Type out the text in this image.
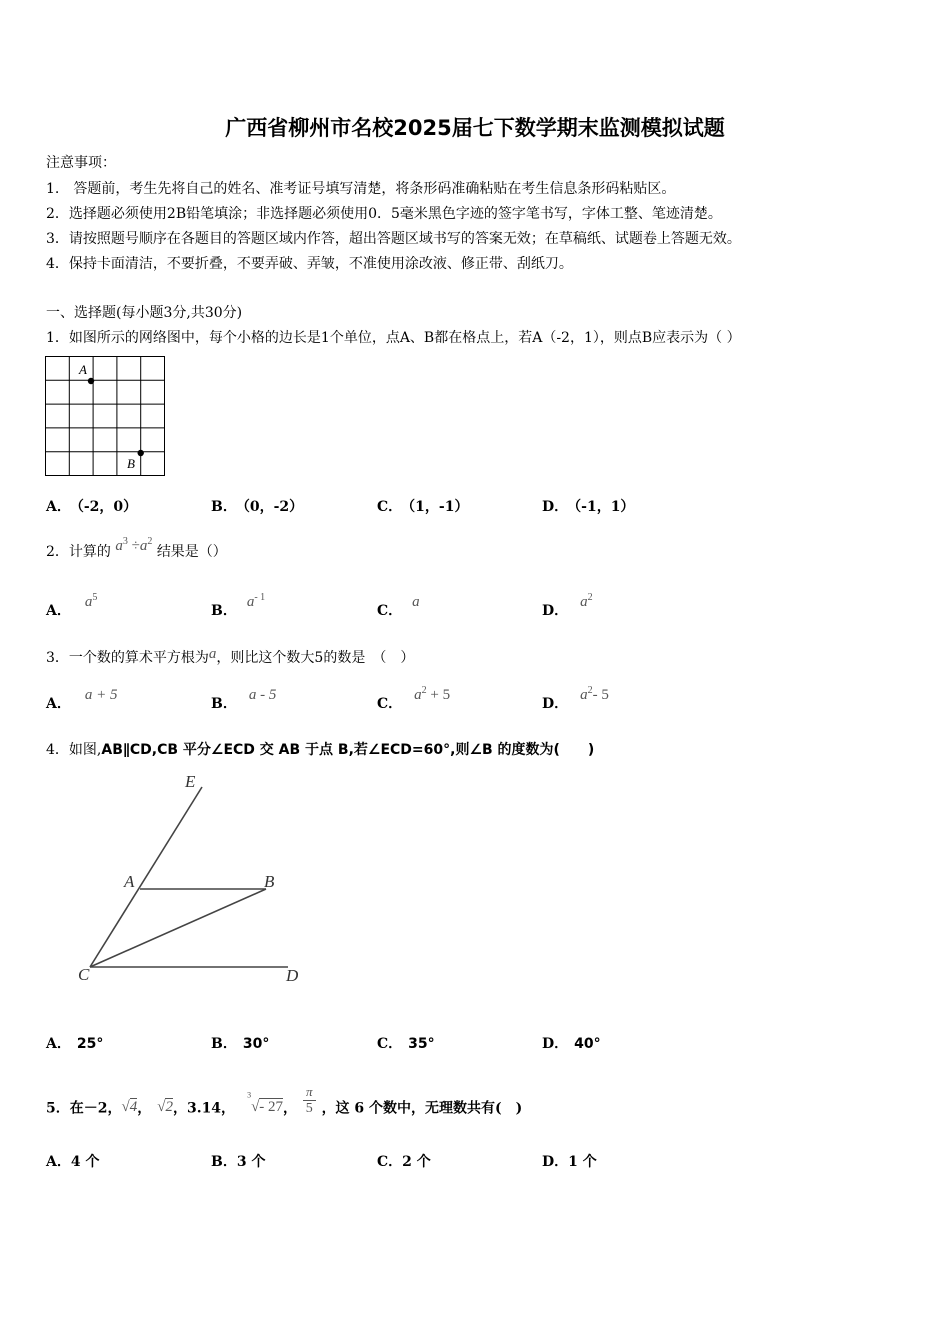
广西省柳州市名校2025届七下数学期末监测模拟试题
注意事项：
1.　答题前，考生先将自己的姓名、准考证号填写清楚，将条形码准确粘贴在考生信息条形码粘贴区。
2．选择题必须使用2B铅笔填涂；非选择题必须使用0．5毫米黑色字迹的签字笔书写，字体工整、笔迹清楚。
3．请按照题号顺序在各题目的答题区域内作答，超出答题区域书写的答案无效；在草稿纸、试题卷上答题无效。
4．保持卡面清洁，不要折叠，不要弄破、弄皱，不准使用涂改液、修正带、刮纸刀。
一、选择题(每小题3分,共30分)
1．如图所示的网络图中，每个小格的边长是1个单位，点A、B都在格点上，若A（-2，1），则点B应表示为（ ）
A
B
A． （-2，0）	B． （0，-2）	C． （1，-1）	D． （-1，1）
2．计算的 $a^3 \div a^2$ 结果是（）
A．$a^5$
B．$a^{- 1}$
C．a
D．$a^2$
3．一个数的算术平方根为a，则比这个数大5的数是　（　）
A．a + 5
B．a - 5
C．$a^2 + 5$
D．$a^2-$ 5
4．如图,AB∥CD,CB 平分∠ECD 交 AB 于点 B,若∠ECD=60°,则∠B 的度数为(　　)
E
A	B
C	D
A． 25°	B． 30°	C． 35°	D． 40°
5．在－2，√4， √2，3.14，$^3$√- 27， $\frac{\pi}{5}$ ，这 6 个数中，无理数共有(　)
A．4 个	B．3 个	C．2 个	D．1 个
